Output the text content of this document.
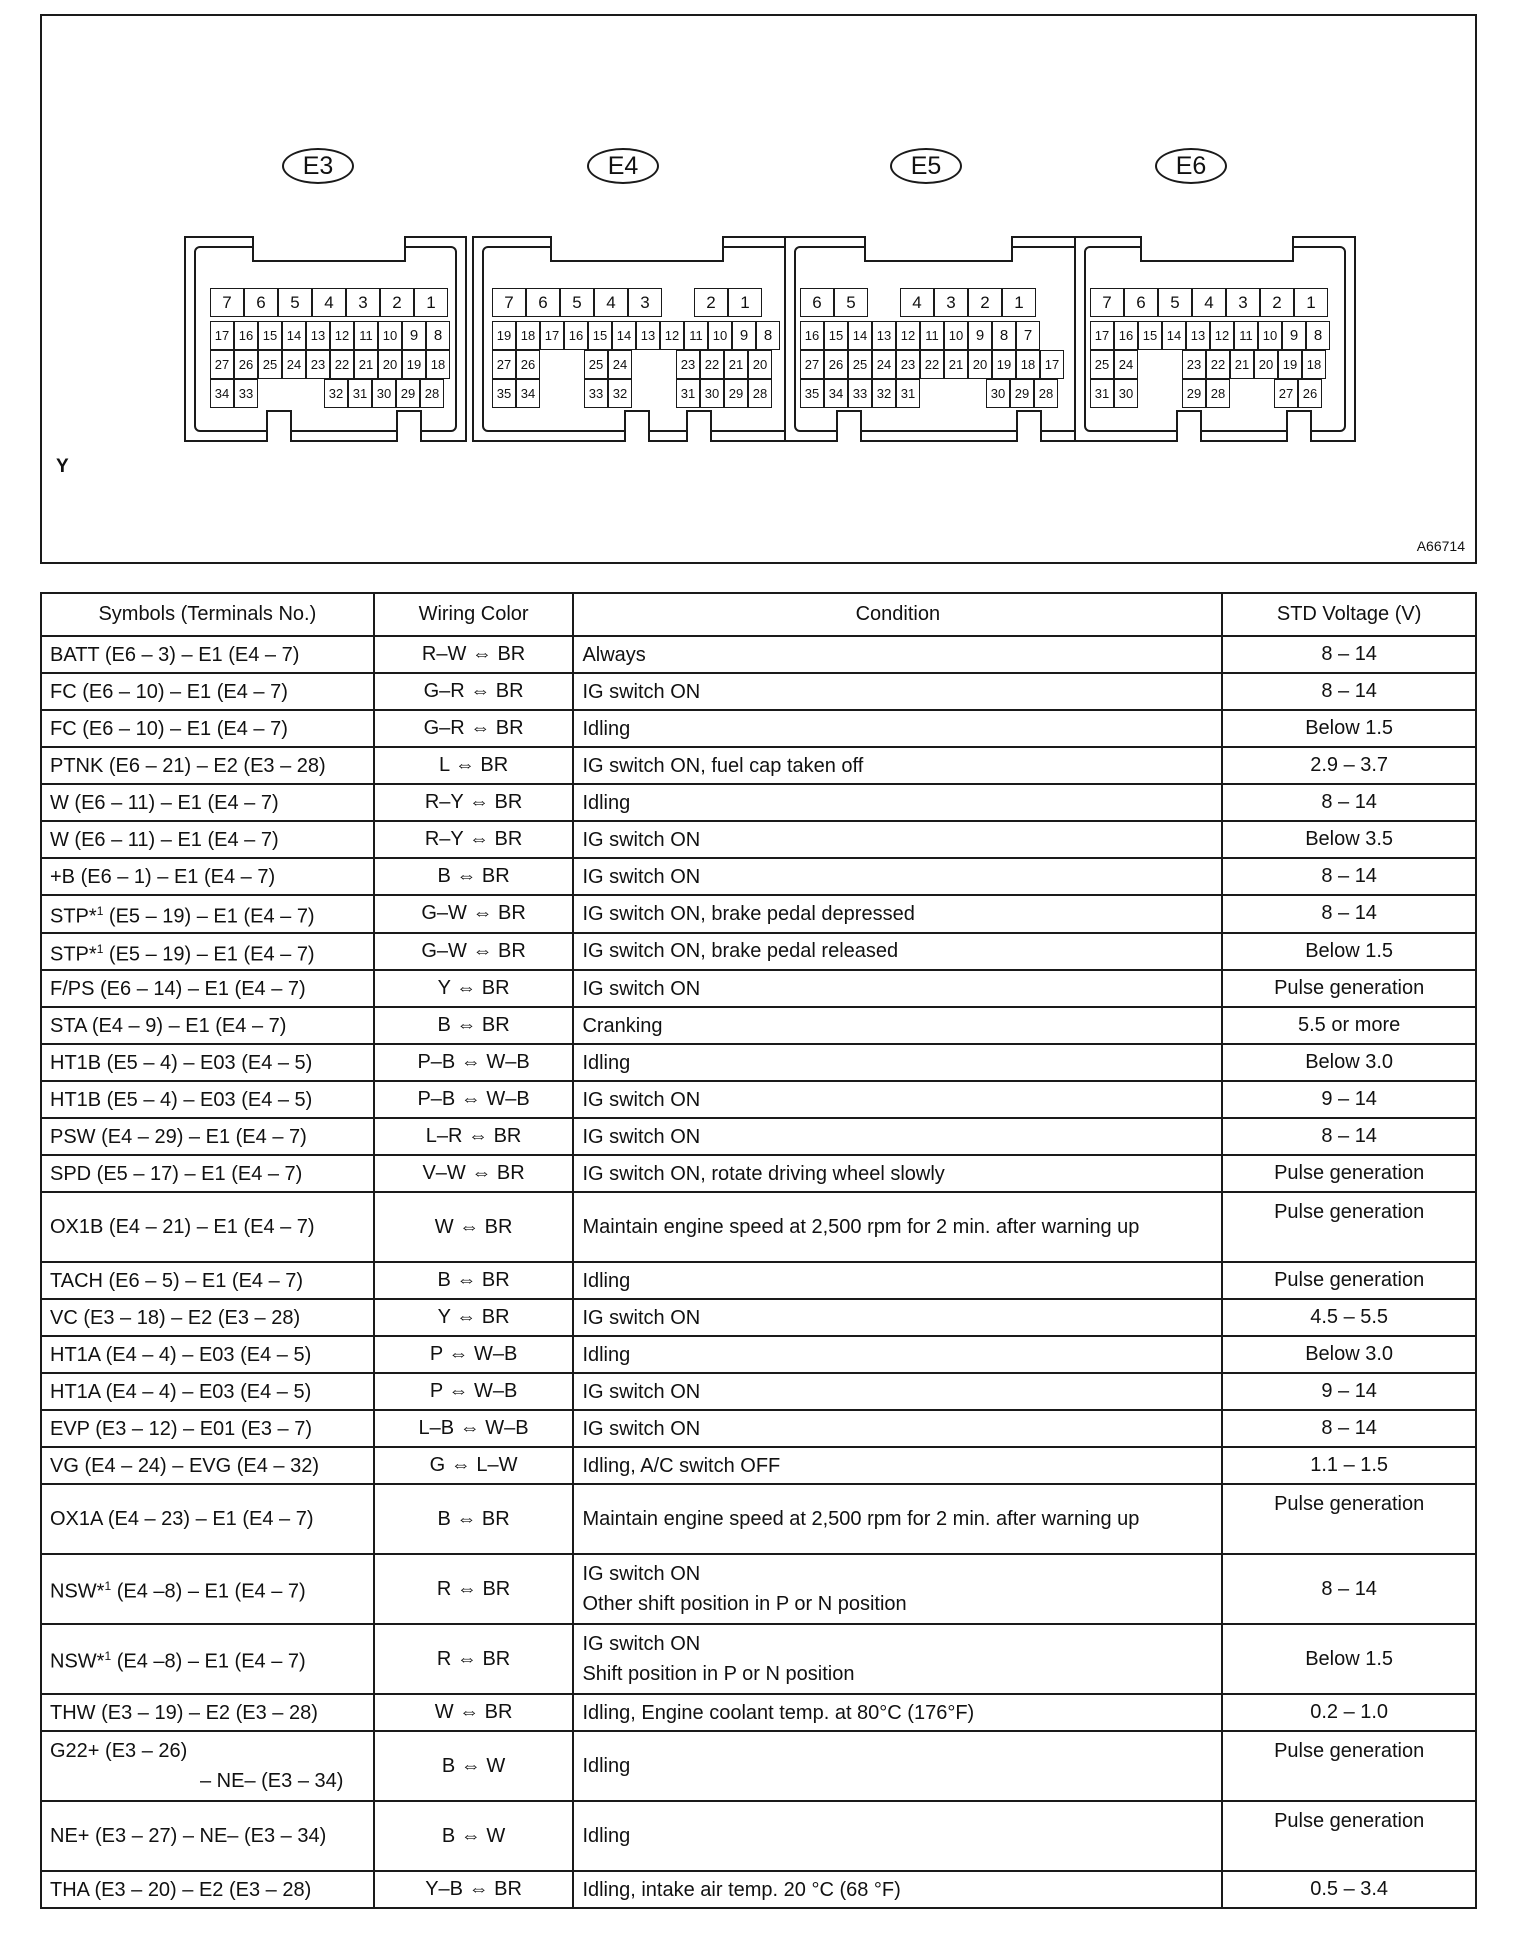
E3	E4	E5	E6
7	6	5	4	3	2	1
17 16 15 14 13 12 11 10 9	8
27 26 25 24 23 22 21 20 19 18
34 33	32 31 30 29 28
7	6	5	4	3	2	1
19 18 17 16 15 14 13 12 11 10 9	8
27 26	25 24	23 22 21 20
35 34	33 32	31 30 29 28
6	5	4	3	2	1
16 15 14 13 12 11 10 9	8	7
27 26 25 24 23 22 21 20 19 18 17
35 34 33 32 31	30 29 28
7	6	5	4	3	2	1
17 16 15 14 13 12 11 10 9	8
25 24	23 22 21 20 19 18
31 30	29 28	27 26
Y
A66714
Symbols (Terminals No.)	Wiring Color	Condition	STD Voltage (V)

BATT (E6 – 3) – E1 (E4 – 7)	R–W ⇔ BR	Always	8 – 14

FC (E6 – 10) – E1 (E4 – 7)	G–R ⇔ BR	IG switch ON	8 – 14

FC (E6 – 10) – E1 (E4 – 7)	G–R ⇔ BR	Idling	Below 1.5

PTNK (E6 – 21) – E2 (E3 – 28)	L ⇔ BR	IG switch ON, fuel cap taken off	2.9 – 3.7

W (E6 – 11) – E1 (E4 – 7)	R–Y ⇔ BR	Idling	8 – 14

W (E6 – 11) – E1 (E4 – 7)	R–Y ⇔ BR	IG switch ON	Below 3.5

+B (E6 – 1) – E1 (E4 – 7)	B ⇔ BR	IG switch ON	8 – 14

STP*$^1$ (E5 – 19) – E1 (E4 – 7)	G–W ⇔ BR	IG switch ON, brake pedal depressed	8 – 14

STP*$^1$ (E5 – 19) – E1 (E4 – 7)	G–W ⇔ BR	IG switch ON, brake pedal released	Below 1.5

F/PS (E6 – 14) – E1 (E4 – 7)	Y ⇔ BR	IG switch ON	Pulse generation

STA (E4 – 9) – E1 (E4 – 7)	B ⇔ BR	Cranking	5.5 or more

HT1B (E5 – 4) – E03 (E4 – 5)	P–B ⇔ W–B	Idling	Below 3.0

HT1B (E5 – 4) – E03 (E4 – 5)	P–B ⇔ W–B	IG switch ON	9 – 14

PSW (E4 – 29) – E1 (E4 – 7)	L–R ⇔ BR	IG switch ON	8 – 14

SPD (E5 – 17) – E1 (E4 – 7)	V–W ⇔ BR	IG switch ON, rotate driving wheel slowly	Pulse generation

OX1B (E4 – 21) – E1 (E4 – 7)	W ⇔ BR	Maintain engine speed at 2,500 rpm for 2 min. after warning up	Pulse generation

TACH (E6 – 5) – E1 (E4 – 7)	B ⇔ BR	Idling	Pulse generation

VC (E3 – 18) – E2 (E3 – 28)	Y ⇔ BR	IG switch ON	4.5 – 5.5

HT1A (E4 – 4) – E03 (E4 – 5)	P ⇔ W–B	Idling	Below 3.0

HT1A (E4 – 4) – E03 (E4 – 5)	P ⇔ W–B	IG switch ON	9 – 14

EVP (E3 – 12) – E01 (E3 – 7)	L–B ⇔ W–B	IG switch ON	8 – 14

VG (E4 – 24) – EVG (E4 – 32)	G ⇔ L–W	Idling, A/C switch OFF	1.1 – 1.5

OX1A (E4 – 23) – E1 (E4 – 7)	B ⇔ BR	Maintain engine speed at 2,500 rpm for 2 min. after warning up	Pulse generation

NSW*$^1$ (E4 –8) – E1 (E4 – 7)	R ⇔ BR	IG switch ON
Other shift position in P or N position	8 – 14

NSW*$^1$ (E4 –8) – E1 (E4 – 7)	R ⇔ BR	IG switch ON
Shift position in P or N position	Below 1.5

THW (E3 – 19) – E2 (E3 – 28)	W ⇔ BR	Idling, Engine coolant temp. at 80°C (176°F)	0.2 – 1.0

G22+ (E3 – 26)
– NE– (E3 – 34)	B ⇔ W	Idling	Pulse generation

NE+ (E3 – 27) – NE– (E3 – 34)	B ⇔ W	Idling	Pulse generation

THA (E3 – 20) – E2 (E3 – 28)	Y–B ⇔ BR	Idling, intake air temp. 20 °C (68 °F)	0.5 – 3.4
